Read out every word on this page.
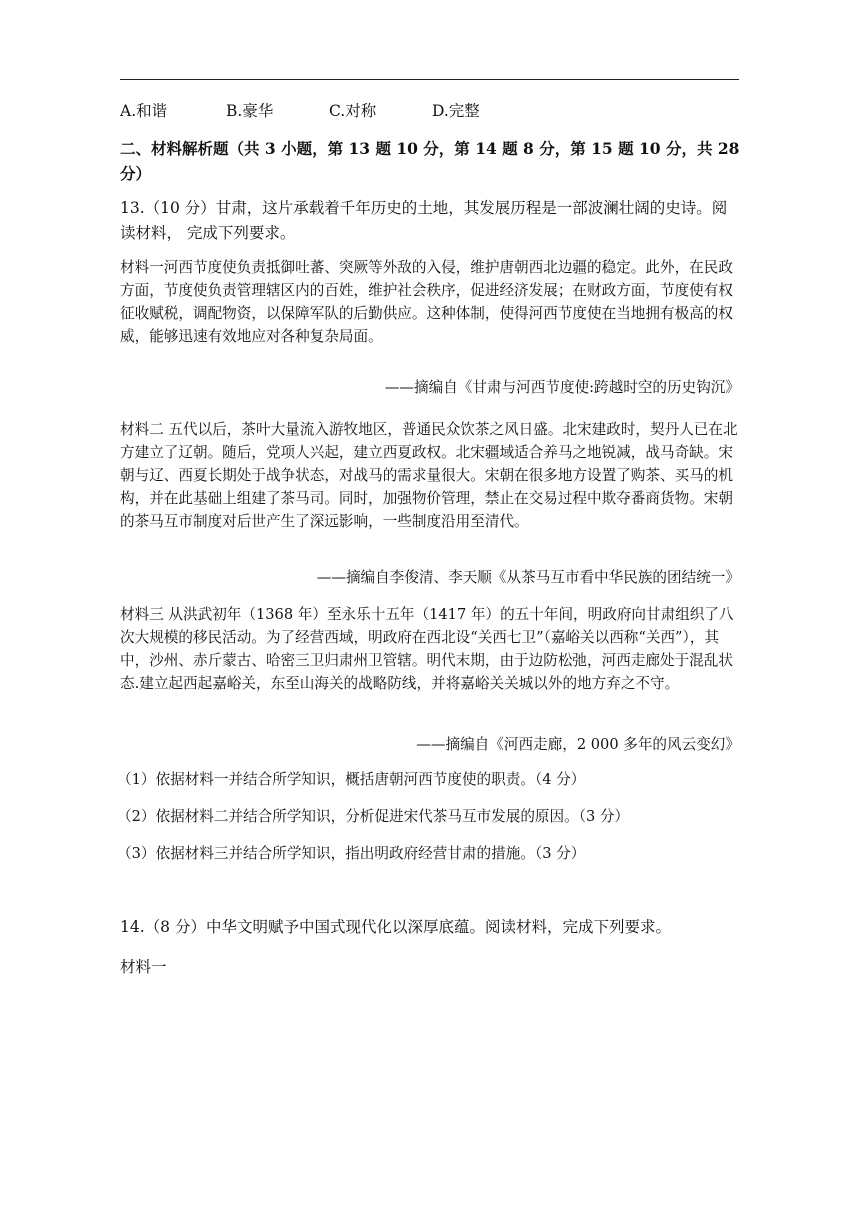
A.和谐	B.豪华	C.对称	D.完整

二、材料解析题（共 3 小题，第 13 题 10 分，第 14 题 8 分，第 15 题 10 分，共 28 分）

13.（10 分）甘肃，这片承载着千年历史的土地，其发展历程是一部波澜壮阔的史诗。阅读材料， 完成下列要求。

材料一河西节度使负责抵御吐蕃、突厥等外敌的入侵，维护唐朝西北边疆的稳定。此外，在民政方面，节度使负责管理辖区内的百姓，维护社会秩序，促进经济发展；在财政方面，节度使有权征收赋税，调配物资，以保障军队的后勤供应。这种体制，使得河西节度使在当地拥有极高的权威，能够迅速有效地应对各种复杂局面。

——摘编自《甘肃与河西节度使:跨越时空的历史钩沉》

材料二 五代以后，茶叶大量流入游牧地区，普通民众饮茶之风日盛。北宋建政时，契丹人已在北方建立了辽朝。随后，党项人兴起，建立西夏政权。北宋疆域适合养马之地锐减，战马奇缺。宋朝与辽、西夏长期处于战争状态，对战马的需求量很大。宋朝在很多地方设置了购茶、买马的机构，并在此基础上组建了茶马司。同时，加强物价管理，禁止在交易过程中欺夺番商货物。宋朝的茶马互市制度对后世产生了深远影响，一些制度沿用至清代。

——摘编自李俊清、李天顺《从茶马互市看中华民族的团结统一》

材料三 从洪武初年（1368 年）至永乐十五年（1417 年）的五十年间，明政府向甘肃组织了八次大规模的移民活动。为了经营西域，明政府在西北设“关西七卫”（嘉峪关以西称“关西”），其中，沙州、赤斤蒙古、哈密三卫归肃州卫管辖。明代末期，由于边防松弛，河西走廊处于混乱状态.建立起西起嘉峪关，东至山海关的战略防线，并将嘉峪关关城以外的地方弃之不守。

——摘编自《河西走廊，2 000 多年的风云变幻》

（1）依据材料一并结合所学知识，概括唐朝河西节度使的职责。（4 分）

（2）依据材料二并结合所学知识，分析促进宋代茶马互市发展的原因。（3 分）

（3）依据材料三并结合所学知识，指出明政府经营甘肃的措施。（3 分）

14.（8 分）中华文明赋予中国式现代化以深厚底蕴。阅读材料，完成下列要求。

材料一
